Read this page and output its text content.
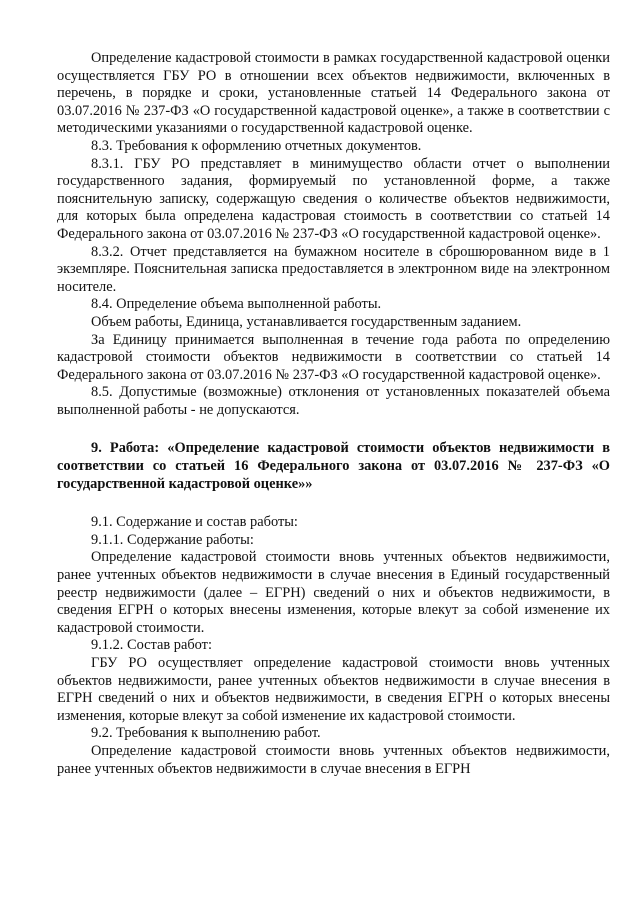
Определение кадастровой стоимости в рамках государственной кадастровой оценки осуществляется ГБУ РО в отношении всех объектов недвижимости, включенных в перечень, в порядке и сроки, установленные статьей 14 Федерального закона от 03.07.2016 № 237-ФЗ «О государственной кадастровой оценке», а также в соответствии с методическими указаниями о государственной кадастровой оценке.

8.3. Требования к оформлению отчетных документов.

8.3.1. ГБУ РО представляет в минимущество области отчет о выполнении государственного задания, формируемый по установленной форме, а также пояснительную записку, содержащую сведения о количестве объектов недвижимости, для которых была определена кадастровая стоимость в соответствии со статьей 14 Федерального закона от 03.07.2016 № 237-ФЗ «О государственной кадастровой оценке».

8.3.2. Отчет представляется на бумажном носителе в сброшюрованном виде в 1 экземпляре. Пояснительная записка предоставляется в электронном виде на электронном носителе.

8.4. Определение объема выполненной работы.

Объем работы, Единица, устанавливается государственным заданием.

За Единицу принимается выполненная в течение года работа по определению кадастровой стоимости объектов недвижимости в соответствии со статьей 14 Федерального закона от 03.07.2016 № 237-ФЗ «О государственной кадастровой оценке».

8.5. Допустимые (возможные) отклонения от установленных показателей объема выполненной работы - не допускаются.

9. Работа: «Определение кадастровой стоимости объектов недвижимости в соответствии со статьей 16 Федерального закона от 03.07.2016 № 237-ФЗ «О государственной кадастровой оценке»»

9.1. Содержание и состав работы:

9.1.1. Содержание работы:

Определение кадастровой стоимости вновь учтенных объектов недвижимости, ранее учтенных объектов недвижимости в случае внесения в Единый государственный реестр недвижимости (далее – ЕГРН) сведений о них и объектов недвижимости, в сведения ЕГРН о которых внесены изменения, которые влекут за собой изменение их кадастровой стоимости.

9.1.2. Состав работ:

ГБУ РО осуществляет определение кадастровой стоимости вновь учтенных объектов недвижимости, ранее учтенных объектов недвижимости в случае внесения в ЕГРН сведений о них и объектов недвижимости, в сведения ЕГРН о которых внесены изменения, которые влекут за собой изменение их кадастровой стоимости.

9.2. Требования к выполнению работ.

Определение кадастровой стоимости вновь учтенных объектов недвижимости, ранее учтенных объектов недвижимости в случае внесения в ЕГРН
